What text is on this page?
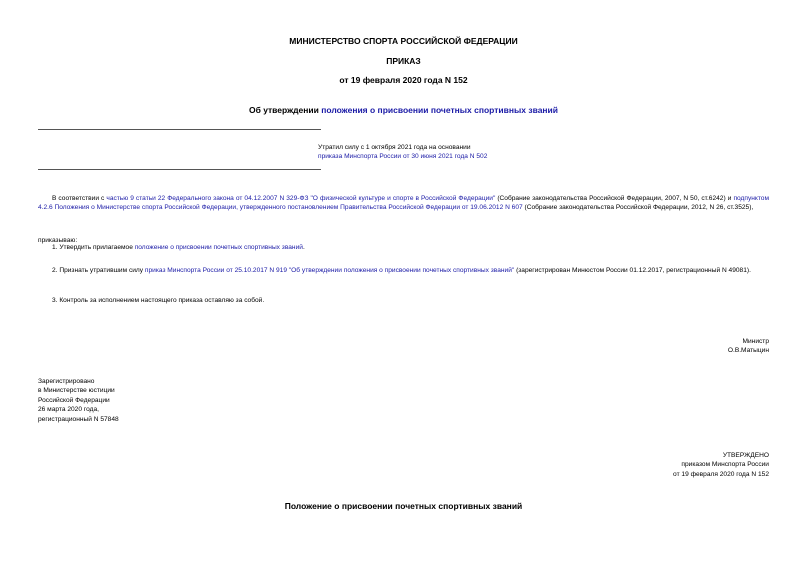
МИНИСТЕРСТВО СПОРТА РОССИЙСКОЙ ФЕДЕРАЦИИ
ПРИКАЗ
от 19 февраля 2020 года N 152
Об утверждении положения о присвоении почетных спортивных званий
Утратил силу с 1 октября 2021 года на основании
приказа Минспорта России от 30 июня 2021 года N 502
В соответствии с частью 9 статьи 22 Федерального закона от 04.12.2007 N 329-ФЗ "О физической культуре и спорте в Российской Федерации" (Собрание законодательства Российской Федерации, 2007, N 50, ст.6242) и подпунктом 4.2.6 Положения о Министерстве спорта Российской Федерации, утвержденного постановлением Правительства Российской Федерации от 19.06.2012 N 607 (Собрание законодательства Российской Федерации, 2012, N 26, ст.3525),
приказываю:
1. Утвердить прилагаемое положение о присвоении почетных спортивных званий.
2. Признать утратившим силу приказ Минспорта России от 25.10.2017 N 919 "Об утверждении положения о присвоении почетных спортивных званий" (зарегистрирован Минюстом России 01.12.2017, регистрационный N 49081).
3. Контроль за исполнением настоящего приказа оставляю за собой.
Министр
О.В.Матыцин
Зарегистрировано
в Министерстве юстиции
Российской Федерации
26 марта 2020 года,
регистрационный N 57848
УТВЕРЖДЕНО
приказом Минспорта России
от 19 февраля 2020 года N 152
Положение о присвоении почетных спортивных званий
